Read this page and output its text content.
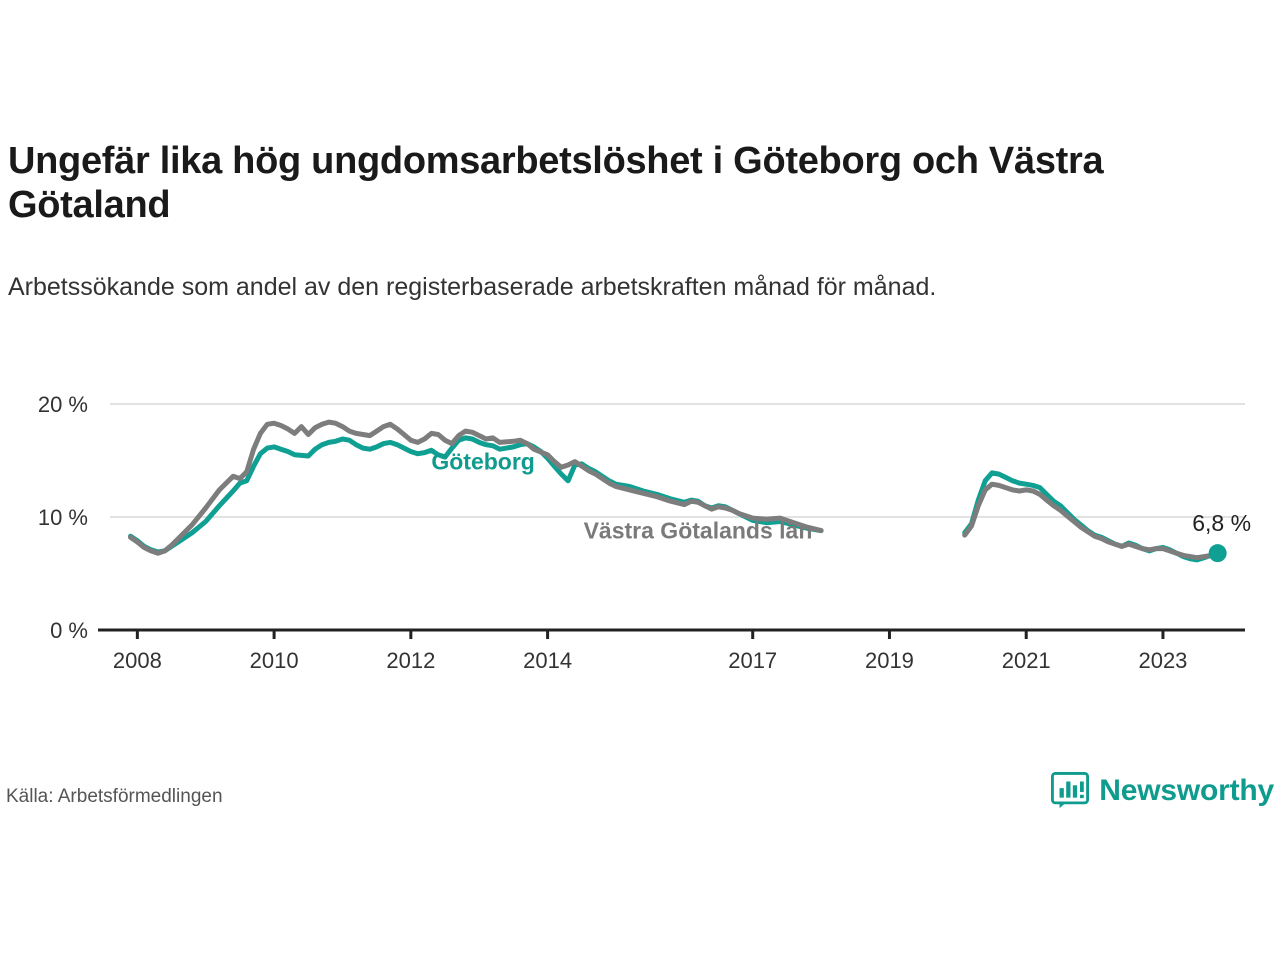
Ungefär lika hög ungdomsarbetslöshet i Göteborg och Västra Götaland
Arbetssökande som andel av den registerbaserade arbetskraften månad för månad.
0 %
10 %
20 %
2008	2010	2012	2014	2017	2019	2021	2023
6,8 %
Göteborg
Västra Götalands län
Källa: Arbetsförmedlingen	Newsworthy
